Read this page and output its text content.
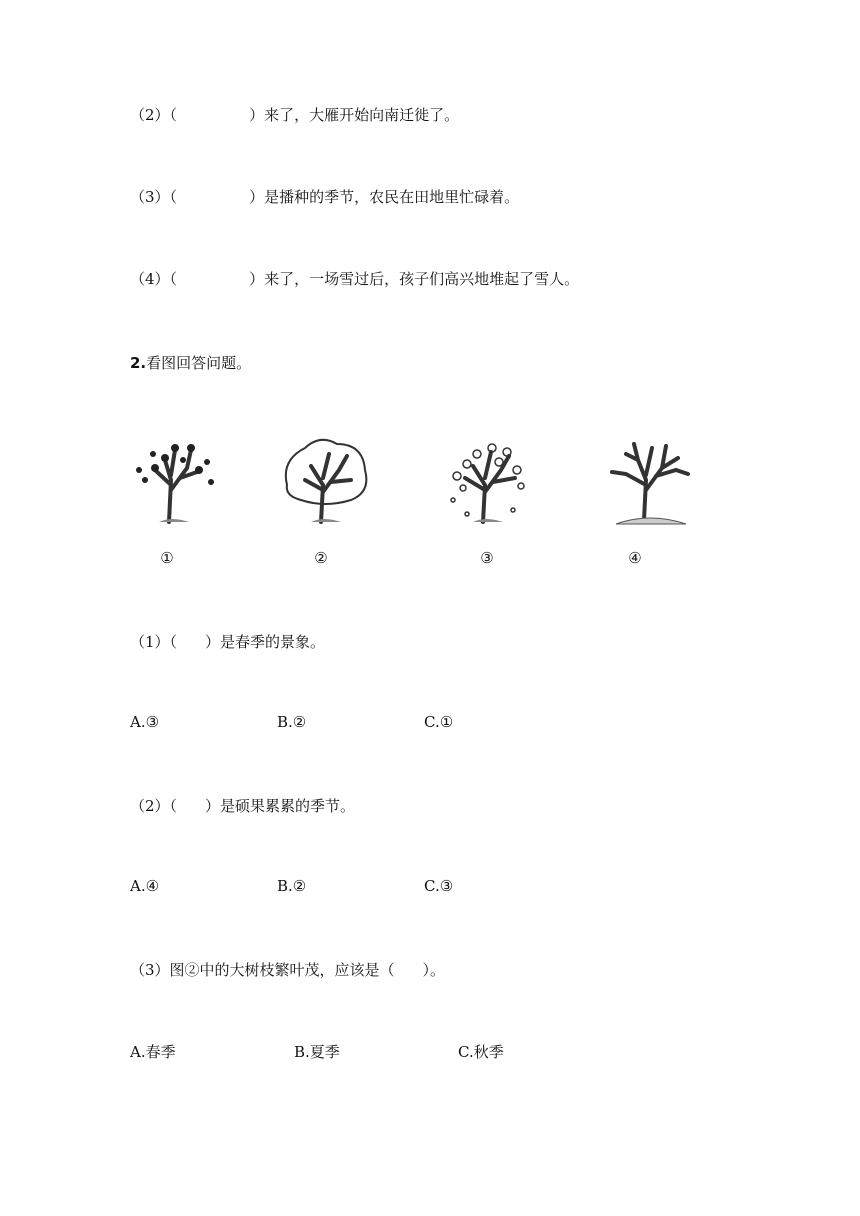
（2）（	）来了，大雁开始向南迁徙了。
（3）（	）是播种的季节，农民在田地里忙碌着。
（4）（	）来了，一场雪过后，孩子们高兴地堆起了雪人。
2.看图回答问题。
①	②	③	④
（1）（ ）是春季的景象。
A.③	B.②	C.①
（2）（ ）是硕果累累的季节。
A.④	B.②	C.③
（3）图②中的大树枝繁叶茂，应该是（ ）。
A.春季	B.夏季	C.秋季
